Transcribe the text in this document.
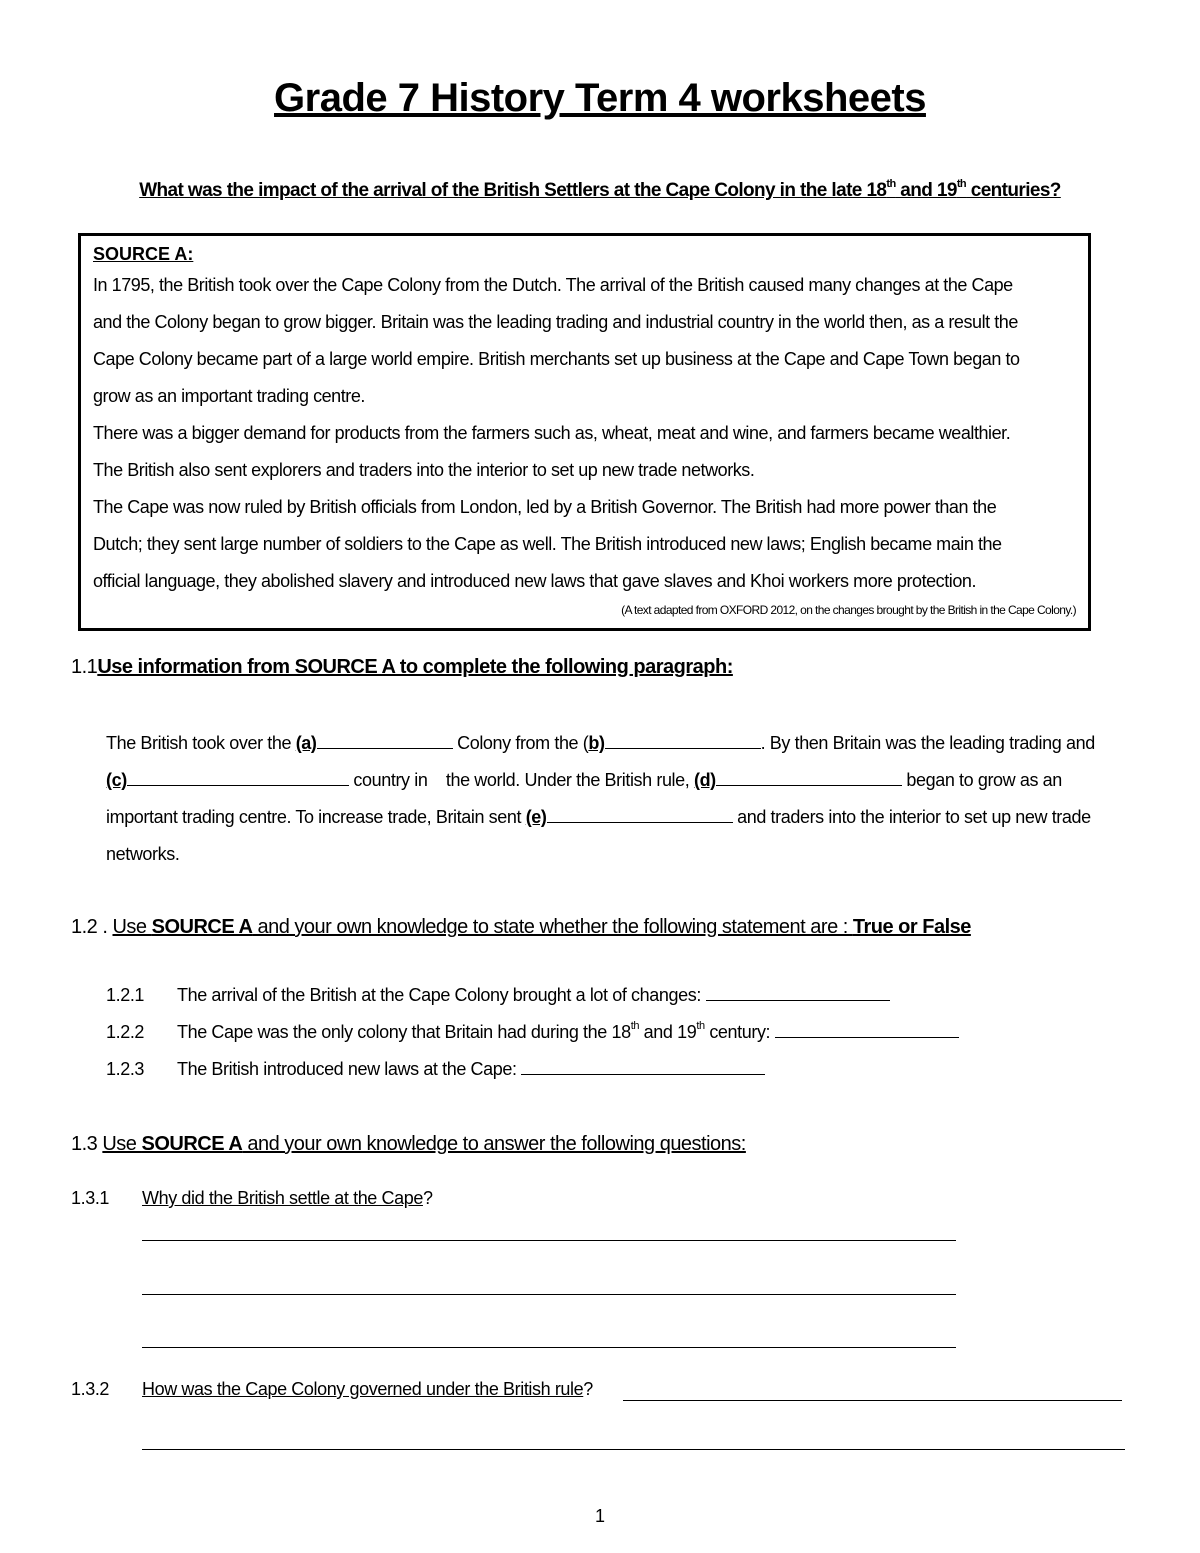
Grade 7 History Term 4 worksheets
What was the impact of the arrival of the British Settlers at the Cape Colony in the late 18th and 19th centuries?
SOURCE A:
In 1795, the British took over the Cape Colony from the Dutch. The arrival of the British caused many changes at the Cape
and the Colony began to grow bigger. Britain was the leading trading and industrial country in the world then, as a result the
Cape Colony became part of a large world empire. British merchants set up business at the Cape and Cape Town began to
grow as an important trading centre.
There was a bigger demand for products from the farmers such as, wheat, meat and wine, and farmers became wealthier.
The British also sent explorers and traders into the interior to set up new trade networks.
The Cape was now ruled by British officials from London, led by a British Governor. The British had more power than the
Dutch; they sent large number of soldiers to the Cape as well. The British introduced new laws; English became main the
official language, they abolished slavery and introduced new laws that gave slaves and Khoi workers more protection.
(A text adapted from OXFORD 2012, on the changes brought by the British in the Cape Colony.)
1.1Use information from SOURCE A to complete the following paragraph:
The British took over the (a)	Colony from the (b)	. By then Britain was the leading trading and
(c)	country in    the world. Under the British rule, (d)	began to grow as an
important trading centre. To increase trade, Britain sent (e)	and traders into the interior to set up new trade
networks.
1.2 . Use SOURCE A and your own knowledge to state whether the following statement are : True or False
1.2.1 The arrival of the British at the Cape Colony brought a lot of changes:
1.2.2 The Cape was the only colony that Britain had during the 18th and 19th century:
1.2.3 The British introduced new laws at the Cape:
1.3 Use SOURCE A and your own knowledge to answer the following questions:
1.3.1 Why did the British settle at the Cape?
1.3.2 How was the Cape Colony governed under the British rule?
1
